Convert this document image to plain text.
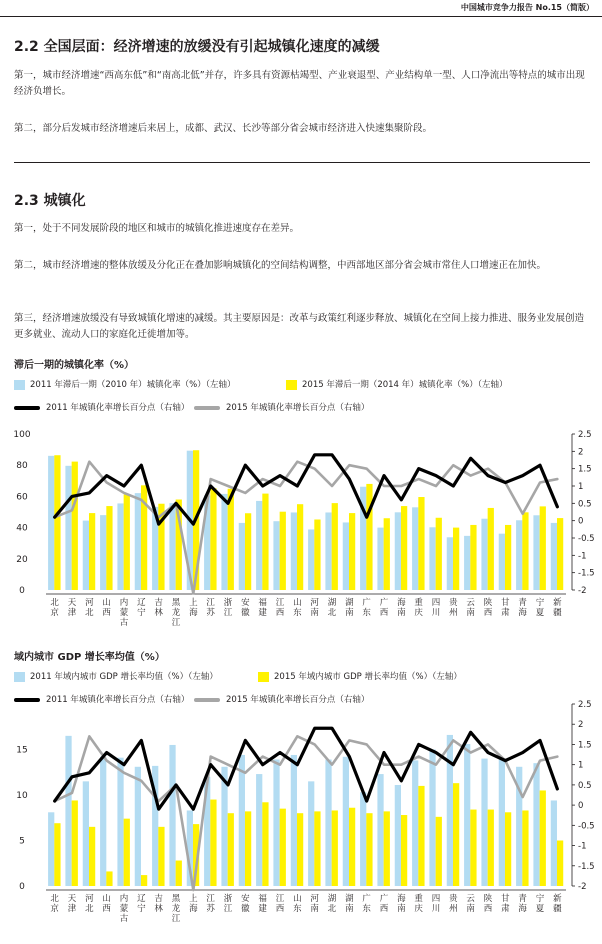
中国城市竞争力报告 No.15（简版）
2.2 全国层面：经济增速的放缓没有引起城镇化速度的减缓

第一，城市经济增速“西高东低”和“南高北低”并存，许多具有资源枯竭型、产业衰退型、产业结构单一型、人口净流出等特点的城市出现经济负增长。

第二，部分后发城市经济增速后来居上，成都、武汉、长沙等部分省会城市经济进入快速集聚阶段。

2.3 城镇化

第一，处于不同发展阶段的地区和城市的城镇化推进速度存在差异。

第二，城市经济增速的整体放缓及分化正在叠加影响城镇化的空间结构调整，中西部地区部分省会城市常住人口增速正在加快。

第三，经济增速放缓没有导致城镇化增速的减缓。其主要原因是：改革与政策红利逐步释放、城镇化在空间上接力推进、服务业发展创造更多就业、流动人口的家庭化迁徙增加等。

滞后一期的城镇化率（%）
2011 年滞后一期（2010 年）城镇化率（%）（左轴）	2015 年滞后一期（2014 年）城镇化率（%）（左轴）
2011 年城镇化率增长百分点（右轴）	2015 年城镇化率增长百分点（右轴）
0
20
40
60
80
100
-2
-1.5
-1
-0.5
0
0.5
1
1.5
2
2.5
北京
天津
河北
山西
内蒙古
辽宁
吉林
黑龙江
上海
江苏
浙江
安徽
福建
江西
山东
河南
湖北
湖南
广东
广西
海南
重庆
四川
贵州
云南
陕西
甘肃
青海
宁夏
新疆
域内城市 GDP 增长率均值（%）
2011 年域内城市 GDP 增长率均值（%）（左轴）	2015 年域内城市 GDP 增长率均值（%）（左轴）
2011 年城镇化率增长百分点（右轴）	2015 年城镇化率增长百分点（右轴）
0
5
10
15
-2
-1.5
-1
-0.5
0
0.5
1
1.5
2
2.5
北京
天津
河北
山西
内蒙古
辽宁
吉林
黑龙江
上海
江苏
浙江
安徽
福建
江西
山东
河南
湖北
湖南
广东
广西
海南
重庆
四川
贵州
云南
陕西
甘肃
青海
宁夏
新疆
